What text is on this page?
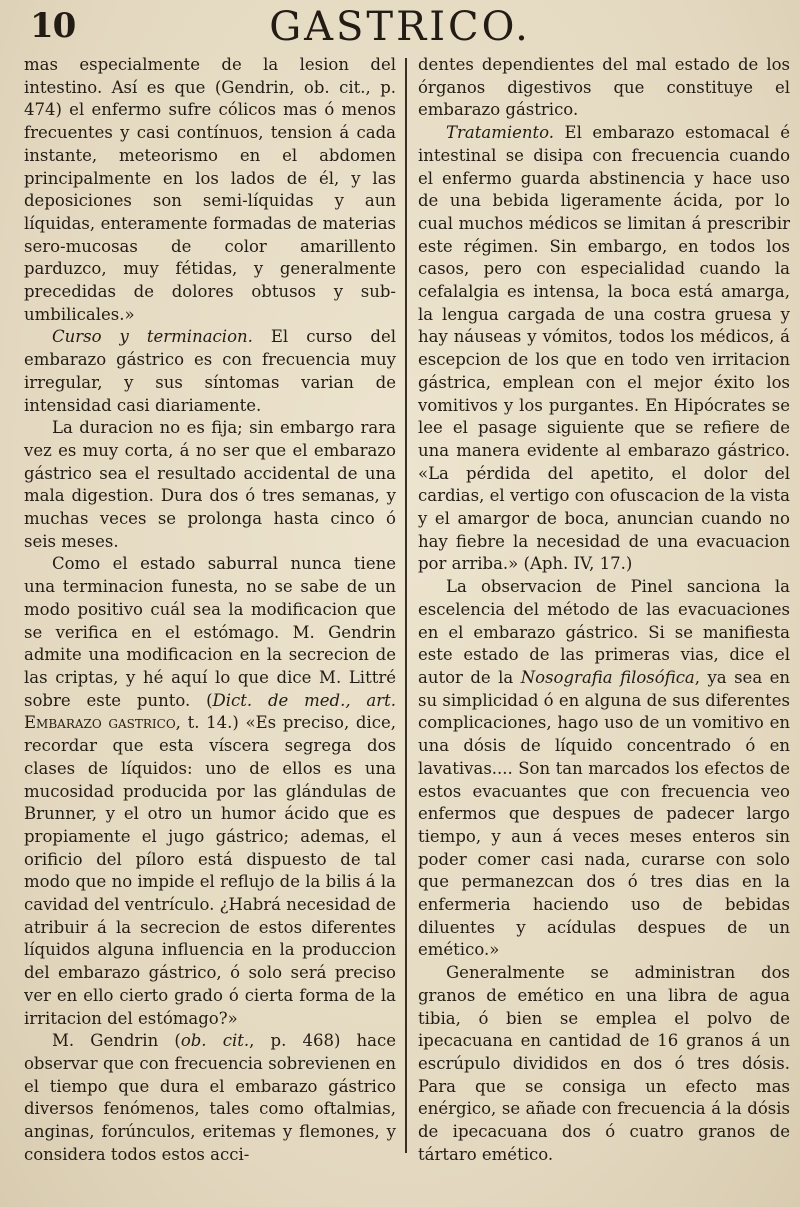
10	GASTRICO.

mas especialmente de la lesion del intestino. Así es que (Gendrin, ob. cit., p. 474) el enfermo sufre cólicos mas ó menos frecuentes y casi contínuos, tension á cada instante, meteorismo en el abdomen principalmente en los lados de él, y las deposiciones son semi-líquidas y aun líquidas, enteramente formadas de materias sero-mucosas de color amarillento parduzco, muy fétidas, y generalmente precedidas de dolores obtusos y sub-umbilicales.»

Curso y terminacion. El curso del embarazo gástrico es con frecuencia muy irregular, y sus síntomas varian de intensidad casi diariamente.

La duracion no es fija; sin embargo rara vez es muy corta, á no ser que el embarazo gástrico sea el resultado accidental de una mala digestion. Dura dos ó tres semanas, y muchas veces se prolonga hasta cinco ó seis meses.

Como el estado saburral nunca tiene una terminacion funesta, no se sabe de un modo positivo cuál sea la modificacion que se verifica en el estómago. M. Gendrin admite una modificacion en la secrecion de las criptas, y hé aquí lo que dice M. Littré sobre este punto. (Dict. de med., art. Embarazo gastrico, t. 14.) «Es preciso, dice, recordar que esta víscera segrega dos clases de líquidos: uno de ellos es una mucosidad producida por las glándulas de Brunner, y el otro un humor ácido que es propiamente el jugo gástrico; ademas, el orificio del píloro está dispuesto de tal modo que no impide el reflujo de la bilis á la cavidad del ventrículo. ¿Habrá necesidad de atribuir á la secrecion de estos diferentes líquidos alguna influencia en la produccion del embarazo gástrico, ó solo será preciso ver en ello cierto grado ó cierta forma de la irritacion del estómago?»

M. Gendrin (ob. cit., p. 468) hace observar que con frecuencia sobrevienen en el tiempo que dura el embarazo gástrico diversos fenómenos, tales como oftalmias, anginas, forúnculos, eritemas y flemones, y considera todos estos acci-

dentes dependientes del mal estado de los órganos digestivos que constituye el embarazo gástrico.

Tratamiento. El embarazo estomacal é intestinal se disipa con frecuencia cuando el enfermo guarda abstinencia y hace uso de una bebida ligeramente ácida, por lo cual muchos médicos se limitan á prescribir este régimen. Sin embargo, en todos los casos, pero con especialidad cuando la cefalalgia es intensa, la boca está amarga, la lengua cargada de una costra gruesa y hay náuseas y vómitos, todos los médicos, á escepcion de los que en todo ven irritacion gástrica, emplean con el mejor éxito los vomitivos y los purgantes. En Hipócrates se lee el pasage siguiente que se refiere de una manera evidente al embarazo gástrico. «La pérdida del apetito, el dolor del cardias, el vertigo con ofuscacion de la vista y el amargor de boca, anuncian cuando no hay fiebre la necesidad de una evacuacion por arriba.» (Aph. IV, 17.)

La observacion de Pinel sanciona la escelencia del método de las evacuaciones en el embarazo gástrico. Si se manifiesta este estado de las primeras vias, dice el autor de la Nosografia filosófica, ya sea en su simplicidad ó en alguna de sus diferentes complicaciones, hago uso de un vomitivo en una dósis de líquido concentrado ó en lavativas.... Son tan marcados los efectos de estos evacuantes que con frecuencia veo enfermos que despues de padecer largo tiempo, y aun á veces meses enteros sin poder comer casi nada, curarse con solo que permanezcan dos ó tres dias en la enfermeria haciendo uso de bebidas diluentes y acídulas despues de un emético.»

Generalmente se administran dos granos de emético en una libra de agua tibia, ó bien se emplea el polvo de ipecacuana en cantidad de 16 granos á un escrúpulo divididos en dos ó tres dósis. Para que se consiga un efecto mas enérgico, se añade con frecuencia á la dósis de ipecacuana dos ó cuatro granos de tártaro emético.
